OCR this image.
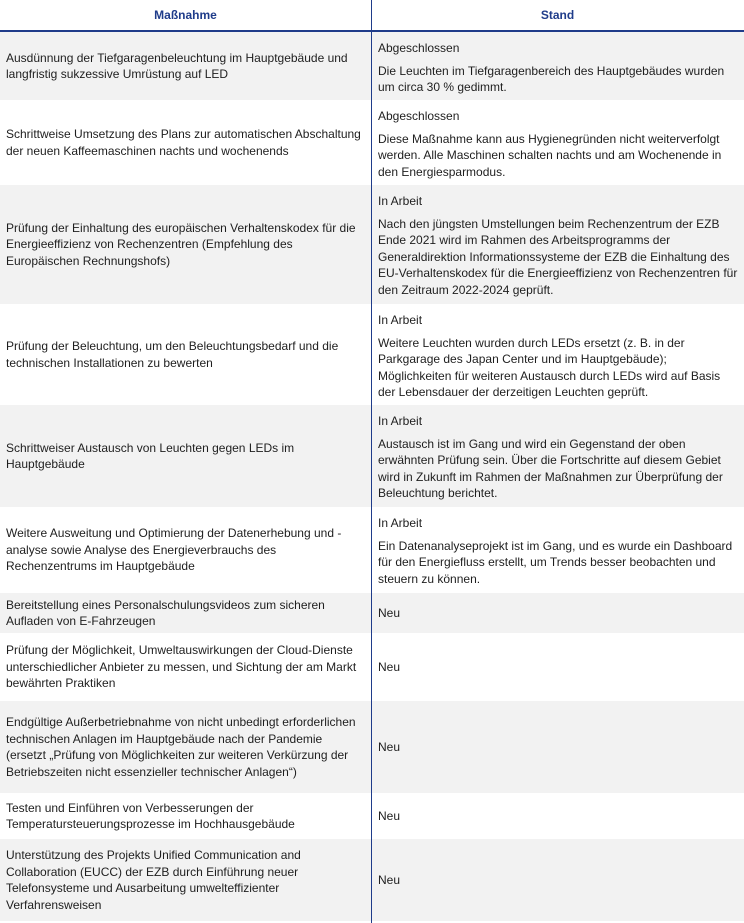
Maßnahme	Stand
Ausdünnung der Tiefgaragenbeleuchtung im Hauptgebäude und langfristig sukzessive Umrüstung auf LED
Abgeschlossen
Die Leuchten im Tiefgaragenbereich des Hauptgebäudes wurden um circa 30 % gedimmt.
Schrittweise Umsetzung des Plans zur automatischen Abschaltung der neuen Kaffeemaschinen nachts und wochenends
Abgeschlossen
Diese Maßnahme kann aus Hygienegründen nicht weiterverfolgt werden. Alle Maschinen schalten nachts und am Wochenende in den Energiesparmodus.
Prüfung der Einhaltung des europäischen Verhaltenskodex für die Energieeffizienz von Rechenzentren (Empfehlung des Europäischen Rechnungshofs)
In Arbeit
Nach den jüngsten Umstellungen beim Rechenzentrum der EZB Ende 2021 wird im Rahmen des Arbeitsprogramms der Generaldirektion Informationssysteme der EZB die Einhaltung des EU-Verhaltenskodex für die Energieeffizienz von Rechenzentren für den Zeitraum 2022-2024 geprüft.
Prüfung der Beleuchtung, um den Beleuchtungsbedarf und die technischen Installationen zu bewerten
In Arbeit
Weitere Leuchten wurden durch LEDs ersetzt (z. B. in der Parkgarage des Japan Center und im Hauptgebäude); Möglichkeiten für weiteren Austausch durch LEDs wird auf Basis der Lebensdauer der derzeitigen Leuchten geprüft.
Schrittweiser Austausch von Leuchten gegen LEDs im Hauptgebäude
In Arbeit
Austausch ist im Gang und wird ein Gegenstand der oben erwähnten Prüfung sein. Über die Fortschritte auf diesem Gebiet wird in Zukunft im Rahmen der Maßnahmen zur Überprüfung der Beleuchtung berichtet.
Weitere Ausweitung und Optimierung der Datenerhebung und -analyse sowie Analyse des Energieverbrauchs des Rechenzentrums im Hauptgebäude
In Arbeit
Ein Datenanalyseprojekt ist im Gang, und es wurde ein Dashboard für den Energiefluss erstellt, um Trends besser beobachten und steuern zu können.
Bereitstellung eines Personalschulungsvideos zum sicheren Aufladen von E-Fahrzeugen
Neu
Prüfung der Möglichkeit, Umweltauswirkungen der Cloud-Dienste unterschiedlicher Anbieter zu messen, und Sichtung der am Markt bewährten Praktiken
Neu
Endgültige Außerbetriebnahme von nicht unbedingt erforderlichen technischen Anlagen im Hauptgebäude nach der Pandemie (ersetzt „Prüfung von Möglichkeiten zur weiteren Verkürzung der Betriebszeiten nicht essenzieller technischer Anlagen“)
Neu
Testen und Einführen von Verbesserungen der Temperatursteuerungsprozesse im Hochhausgebäude
Neu
Unterstützung des Projekts Unified Communication and Collaboration (EUCC) der EZB durch Einführung neuer Telefonsysteme und Ausarbeitung umwelteffizienter Verfahrensweisen
Neu
